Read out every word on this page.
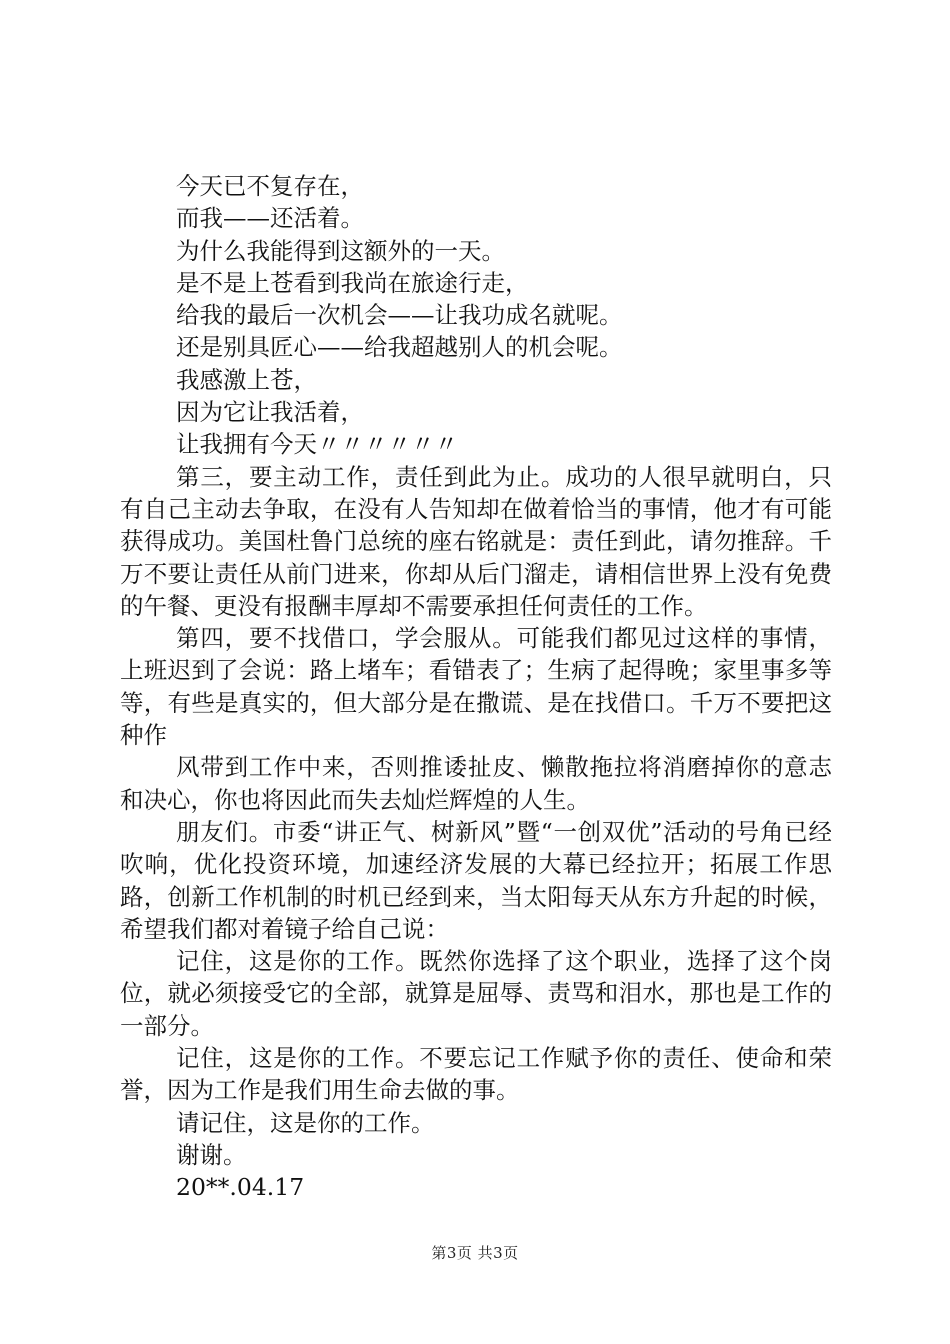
今天已不复存在，
而我——还活着。
为什么我能得到这额外的一天。
是不是上苍看到我尚在旅途行走，
给我的最后一次机会——让我功成名就呢。
还是别具匠心——给我超越别人的机会呢。
我感激上苍，
因为它让我活着，
让我拥有今天〃〃〃〃〃〃

第三，要主动工作，责任到此为止。成功的人很早就明白，只有自己主动去争取，在没有人告知却在做着恰当的事情，他才有可能获得成功。美国杜鲁门总统的座右铭就是：责任到此，请勿推辞。千万不要让责任从前门进来，你却从后门溜走，请相信世界上没有免费的午餐、更没有报酬丰厚却不需要承担任何责任的工作。

第四，要不找借口，学会服从。可能我们都见过这样的事情，上班迟到了会说：路上堵车；看错表了；生病了起得晚；家里事多等等，有些是真实的，但大部分是在撒谎、是在找借口。千万不要把这种作

风带到工作中来，否则推诿扯皮、懒散拖拉将消磨掉你的意志和决心，你也将因此而失去灿烂辉煌的人生。

朋友们。市委“讲正气、树新风”暨“一创双优”活动的号角已经吹响，优化投资环境，加速经济发展的大幕已经拉开；拓展工作思路，创新工作机制的时机已经到来，当太阳每天从东方升起的时候，希望我们都对着镜子给自己说：

记住，这是你的工作。既然你选择了这个职业，选择了这个岗位，就必须接受它的全部，就算是屈辱、责骂和泪水，那也是工作的一部分。

记住，这是你的工作。不要忘记工作赋予你的责任、使命和荣誉，因为工作是我们用生命去做的事。

请记住，这是你的工作。
谢谢。
20**.04.17
第3页 共3页
